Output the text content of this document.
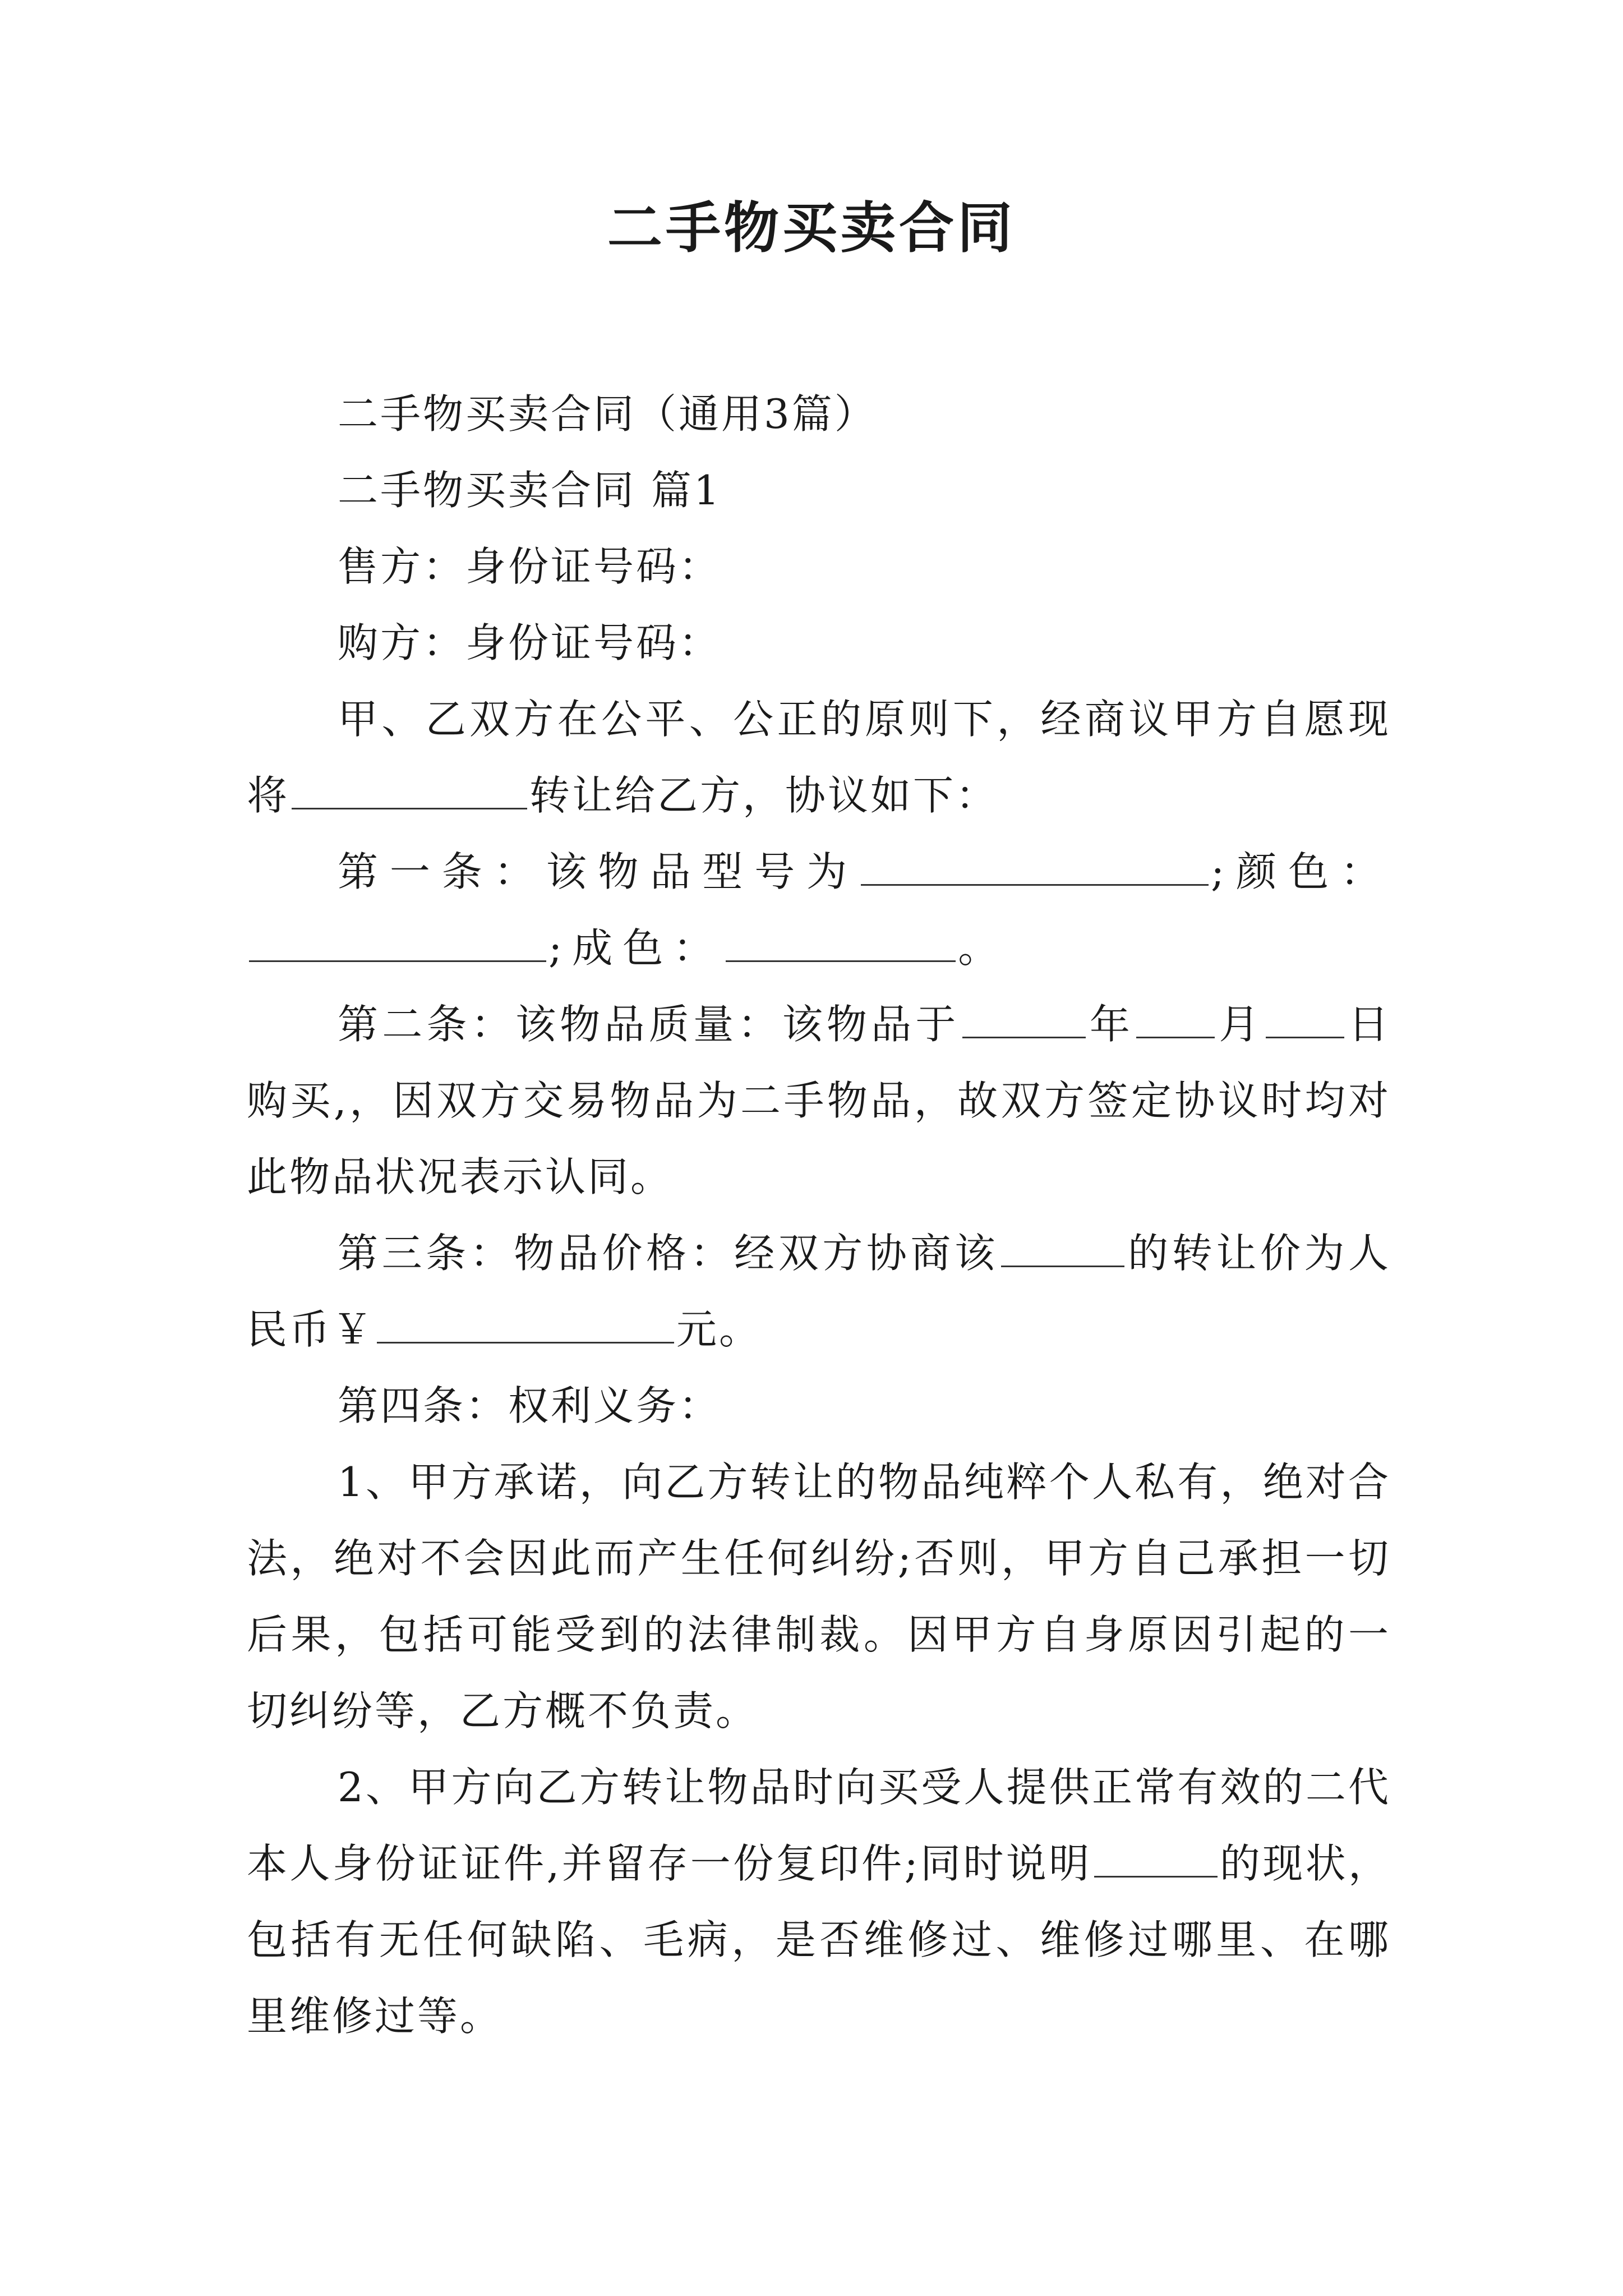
二手物买卖合同

二手物买卖合同（通用3篇）

二手物买卖合同 篇1

售方：身份证号码：

购方：身份证号码：

甲、乙双方在公平、公正的原则下，经商议甲方自愿现将	转让给乙方，协议如下：

第一条：该物品型号为	;颜色：;成色：	。

第二条：该物品质量：该物品于	年 月 日购买,，因双方交易物品为二手物品，故双方签定协议时均对此物品状况表示认同。

第三条：物品价格：经双方协商该	的转让价为人民币￥	元。

第四条：权利义务：

1、甲方承诺，向乙方转让的物品纯粹个人私有，绝对合法，绝对不会因此而产生任何纠纷;否则，甲方自己承担一切后果，包括可能受到的法律制裁。因甲方自身原因引起的一切纠纷等，乙方概不负责。

2、甲方向乙方转让物品时向买受人提供正常有效的二代本人身份证证件,并留存一份复印件;同时说明	的现状，包括有无任何缺陷、毛病，是否维修过、维修过哪里、在哪里维修过等。
